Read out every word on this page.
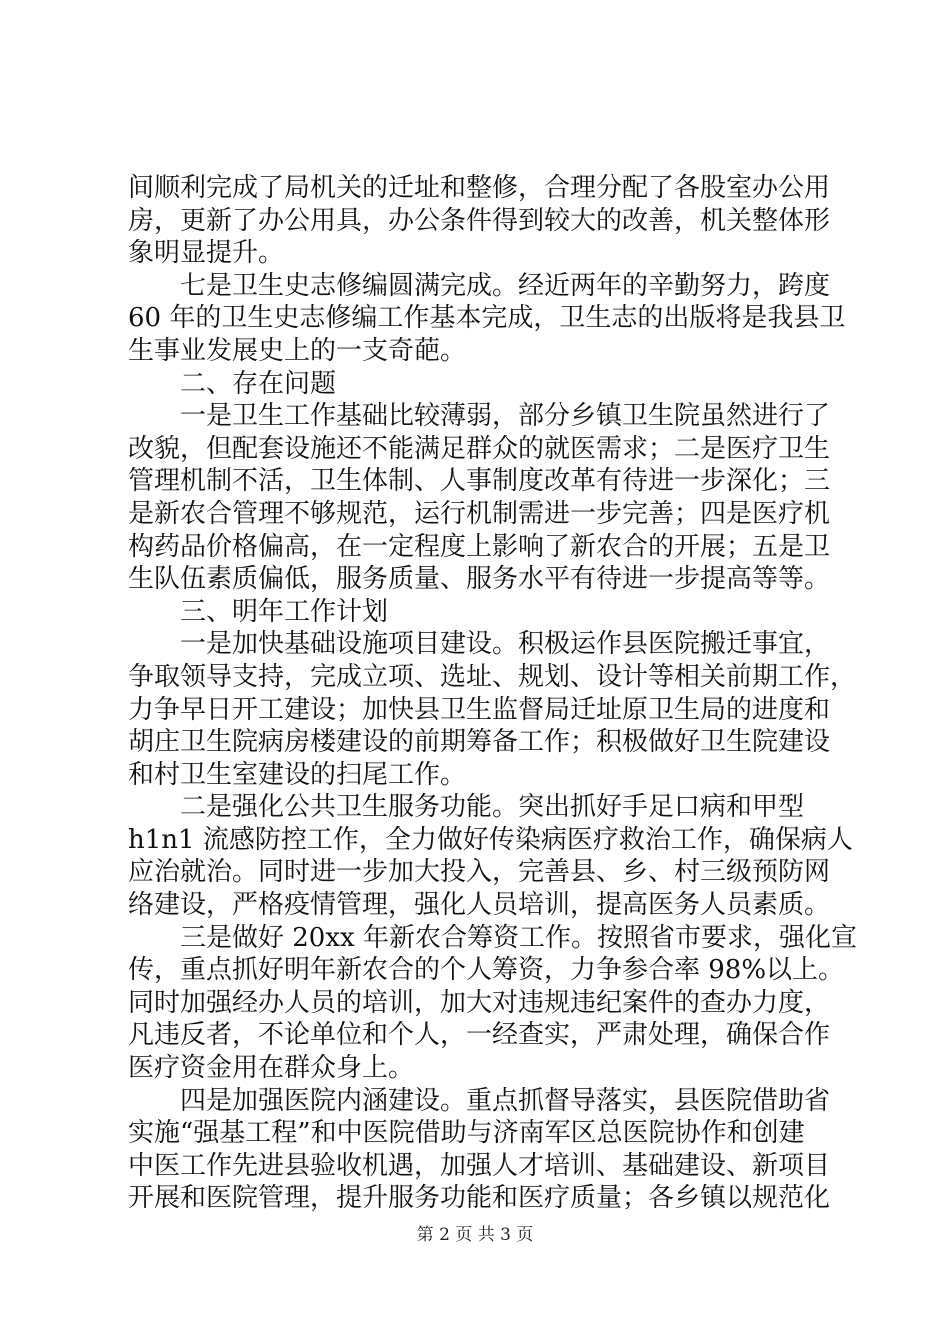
间顺利完成了局机关的迁址和整修，合理分配了各股室办公用
房，更新了办公用具，办公条件得到较大的改善，机关整体形
象明显提升。
七是卫生史志修编圆满完成。经近两年的辛勤努力，跨度
60 年的卫生史志修编工作基本完成，卫生志的出版将是我县卫
生事业发展史上的一支奇葩。
二、存在问题
一是卫生工作基础比较薄弱，部分乡镇卫生院虽然进行了
改貌，但配套设施还不能满足群众的就医需求；二是医疗卫生
管理机制不活，卫生体制、人事制度改革有待进一步深化；三
是新农合管理不够规范，运行机制需进一步完善；四是医疗机
构药品价格偏高，在一定程度上影响了新农合的开展；五是卫
生队伍素质偏低，服务质量、服务水平有待进一步提高等等。
三、明年工作计划
一是加快基础设施项目建设。积极运作县医院搬迁事宜，
争取领导支持，完成立项、选址、规划、设计等相关前期工作，
力争早日开工建设；加快县卫生监督局迁址原卫生局的进度和
胡庄卫生院病房楼建设的前期筹备工作；积极做好卫生院建设
和村卫生室建设的扫尾工作。
二是强化公共卫生服务功能。突出抓好手足口病和甲型
h1n1 流感防控工作，全力做好传染病医疗救治工作，确保病人
应治就治。同时进一步加大投入，完善县、乡、村三级预防网
络建设，严格疫情管理，强化人员培训，提高医务人员素质。
三是做好 20xx 年新农合筹资工作。按照省市要求，强化宣
传，重点抓好明年新农合的个人筹资，力争参合率 98%以上。
同时加强经办人员的培训，加大对违规违纪案件的查办力度，
凡违反者，不论单位和个人，一经查实，严肃处理，确保合作
医疗资金用在群众身上。
四是加强医院内涵建设。重点抓督导落实，县医院借助省
实施“强基工程”和中医院借助与济南军区总医院协作和创建
中医工作先进县验收机遇，加强人才培训、基础建设、新项目
开展和医院管理，提升服务功能和医疗质量；各乡镇以规范化
第 2 页 共 3 页
